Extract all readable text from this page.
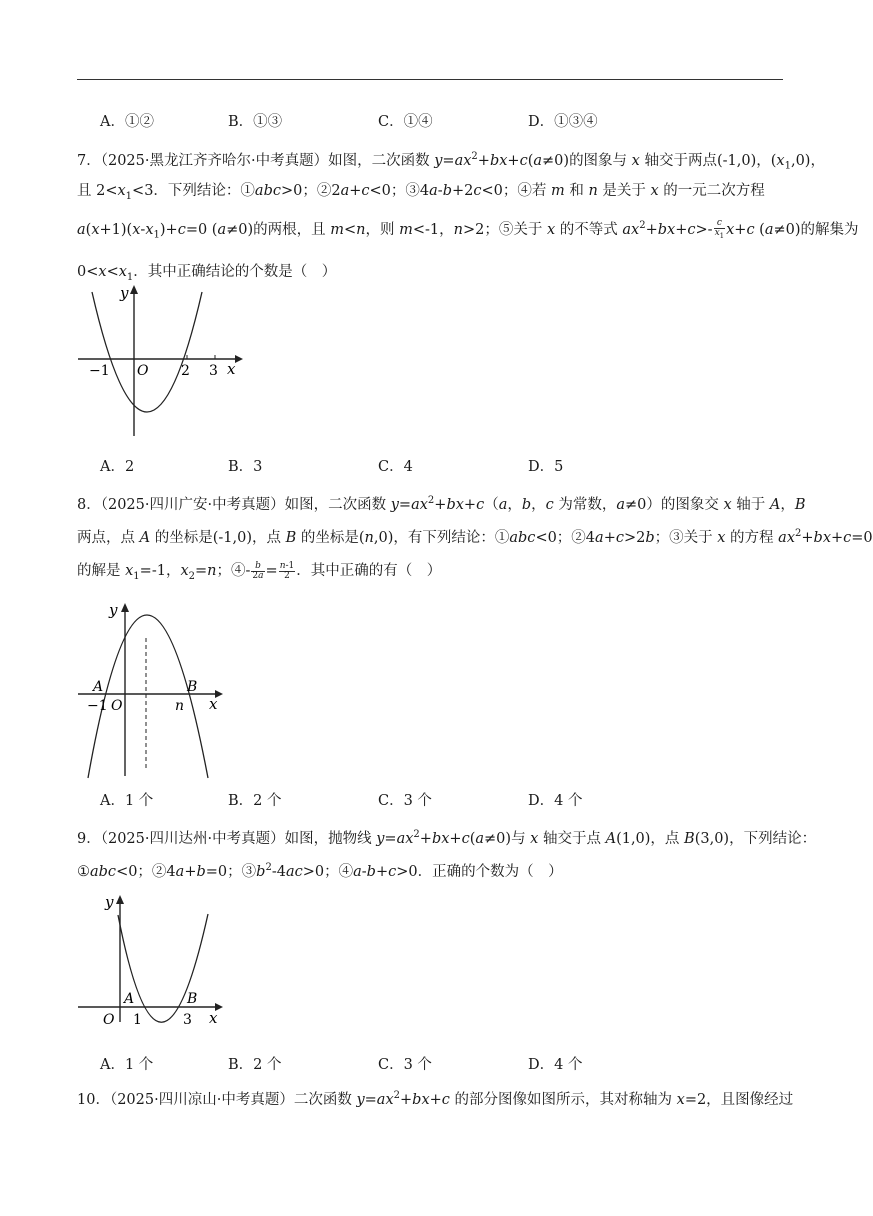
A．①②	B．①③	C．①④	D．①③④
7．（2025·黑龙江齐齐哈尔·中考真题）如图，二次函数 $y=ax^2+bx+c(a\ne 0)$的图象与 x 轴交于两点(-1,0)，$(x_1,0)$，
且 $2<x_1<3$．下列结论：①abc>0；②2a+c<0；③4a-b+2c<0；④若 m 和 n 是关于 x 的一元二次方程
$a(x+1)(x-x_1)+c=0$ (a≠0)的两根，且 m<n，则 m<-1，n>2；⑤关于 x 的不等式 $ax^2+bx+c>- \frac{c}{x_1} x+c$ (a≠0)的解集为
$0<x<x_1$．其中正确结论的个数是（　）
y
x
O
−1	2 3
A．2	B．3	C．4	D．5
8．（2025·四川广安·中考真题）如图，二次函数 $y=ax^2+bx+c(a$，b，c 为常数，a≠0）的图象交 x 轴于 A，B
两点，点 A 的坐标是(-1,0)，点 B 的坐标是(n,0)，有下列结论：①abc<0；②4a+c>2b；③关于 x 的方程 $ax^2+bx+c=0$
的解是 $x_1=-1$，$x_2=n$；④- $\frac{b}{2a} = \frac{n-1}{2}$ ．其中正确的有（　）
y
x
O
−1
A	B
n
A．1 个	B．2 个	C．3 个	D．4 个
9．（2025·四川达州·中考真题）如图，抛物线 $y=ax^2+bx+c(a\ne 0)$与 x 轴交于点 A(1,0)，点 B(3,0)，下列结论：
①abc<0；②4a+b=0；$③b^2-4ac>0$；④a-b+c>0．正确的个数为（　）
y
x
O 1	3
A	B
A．1 个	B．2 个	C．3 个	D．4 个
10．（2025·四川凉山·中考真题）二次函数 $y=ax^2+bx+c$ 的部分图像如图所示，其对称轴为 x=2，且图像经过
